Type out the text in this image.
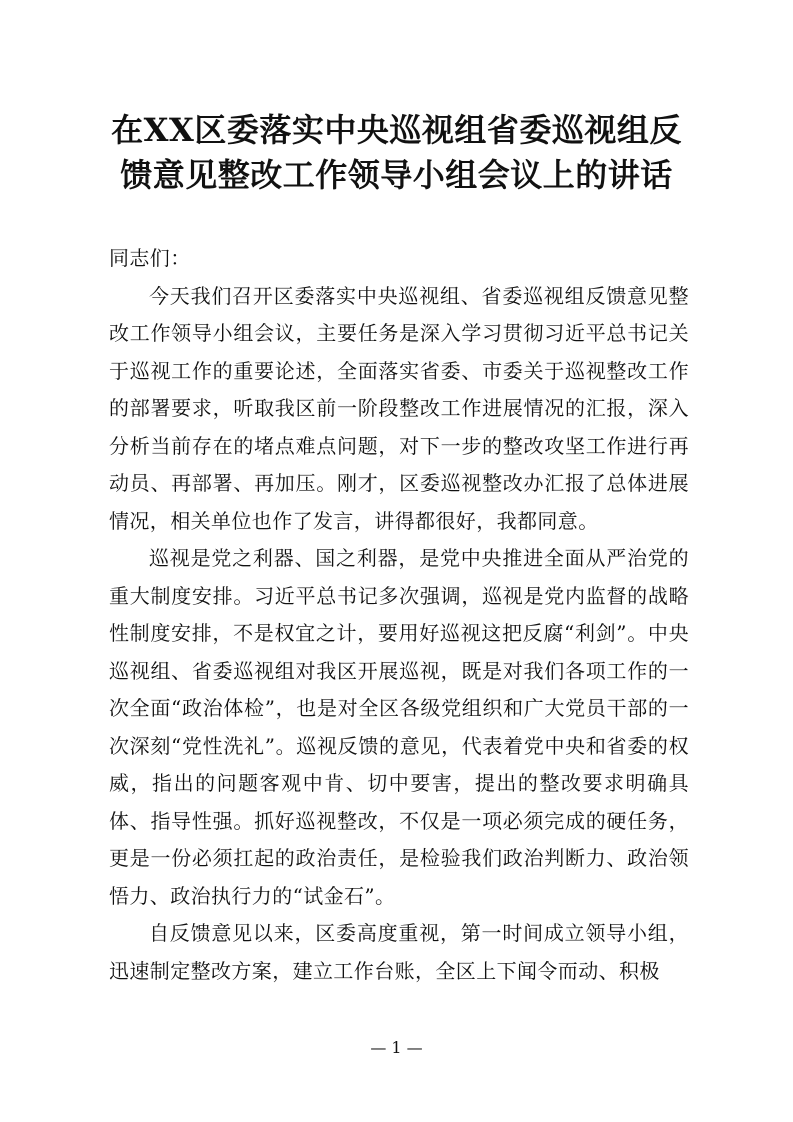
在XX区委落实中央巡视组省委巡视组反
馈意见整改工作领导小组会议上的讲话

同志们：

今天我们召开区委落实中央巡视组、省委巡视组反馈意见整改工作领导小组会议，主要任务是深入学习贯彻习近平总书记关于巡视工作的重要论述，全面落实省委、市委关于巡视整改工作的部署要求，听取我区前一阶段整改工作进展情况的汇报，深入分析当前存在的堵点难点问题，对下一步的整改攻坚工作进行再动员、再部署、再加压。刚才，区委巡视整改办汇报了总体进展情况，相关单位也作了发言，讲得都很好，我都同意。

巡视是党之利器、国之利器，是党中央推进全面从严治党的重大制度安排。习近平总书记多次强调，巡视是党内监督的战略性制度安排，不是权宜之计，要用好巡视这把反腐“利剑”。中央巡视组、省委巡视组对我区开展巡视，既是对我们各项工作的一次全面“政治体检”，也是对全区各级党组织和广大党员干部的一次深刻“党性洗礼”。巡视反馈的意见，代表着党中央和省委的权威，指出的问题客观中肯、切中要害，提出的整改要求明确具体、指导性强。抓好巡视整改，不仅是一项必须完成的硬任务，更是一份必须扛起的政治责任，是检验我们政治判断力、政治领悟力、政治执行力的“试金石”。

自反馈意见以来，区委高度重视，第一时间成立领导小组，迅速制定整改方案，建立工作台账，全区上下闻令而动、积极

— 1 —
